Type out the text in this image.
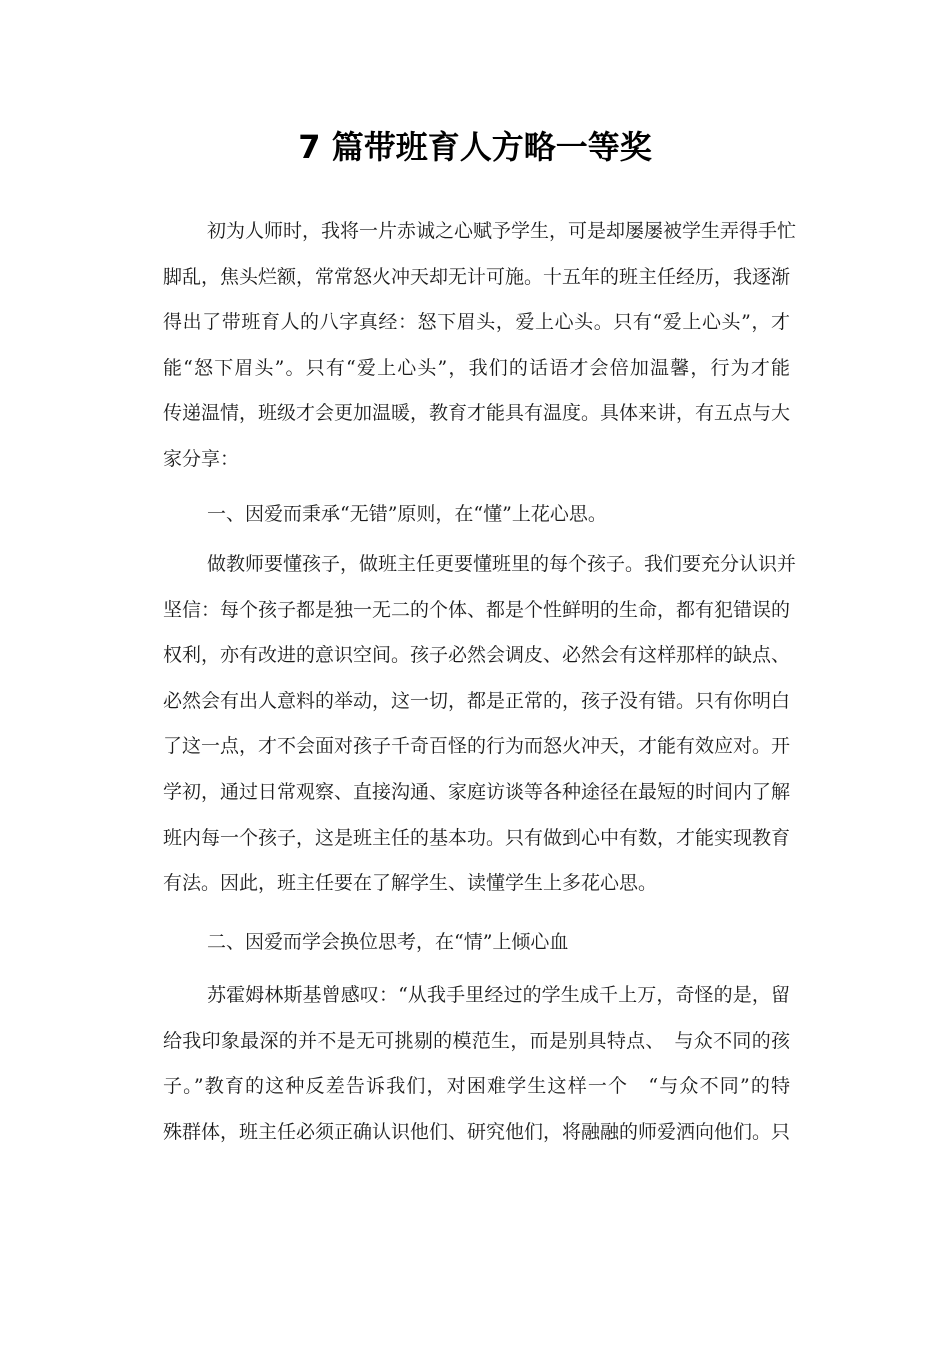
7 篇带班育人方略一等奖
初为人师时，我将一片赤诚之心赋予学生，可是却屡屡被学生弄得手忙
脚乱，焦头烂额，常常怒火冲天却无计可施。十五年的班主任经历，我逐渐
得出了带班育人的八字真经：怒下眉头，爱上心头。只有“爱上心头”，才
能“怒下眉头”。只有“爱上心头”，我们的话语才会倍加温馨，行为才能
传递温情，班级才会更加温暖，教育才能具有温度。具体来讲，有五点与大
家分享：

一、因爱而秉承“无错”原则，在“懂”上花心思。

做教师要懂孩子，做班主任更要懂班里的每个孩子。我们要充分认识并
坚信：每个孩子都是独一无二的个体、都是个性鲜明的生命，都有犯错误的
权利，亦有改进的意识空间。孩子必然会调皮、必然会有这样那样的缺点、
必然会有出人意料的举动，这一切，都是正常的，孩子没有错。只有你明白
了这一点，才不会面对孩子千奇百怪的行为而怒火冲天，才能有效应对。开
学初，通过日常观察、直接沟通、家庭访谈等各种途径在最短的时间内了解
班内每一个孩子，这是班主任的基本功。只有做到心中有数，才能实现教育
有法。因此，班主任要在了解学生、读懂学生上多花心思。

二、因爱而学会换位思考，在“情”上倾心血

苏霍姆林斯基曾感叹：“从我手里经过的学生成千上万，奇怪的是，留
给我印象最深的并不是无可挑剔的模范生，而是别具特点、　与众不同的孩
子。”教育的这种反差告诉我们，对困难学生这样一个　“与众不同”的特
殊群体，班主任必须正确认识他们、研究他们，将融融的师爱洒向他们。只
